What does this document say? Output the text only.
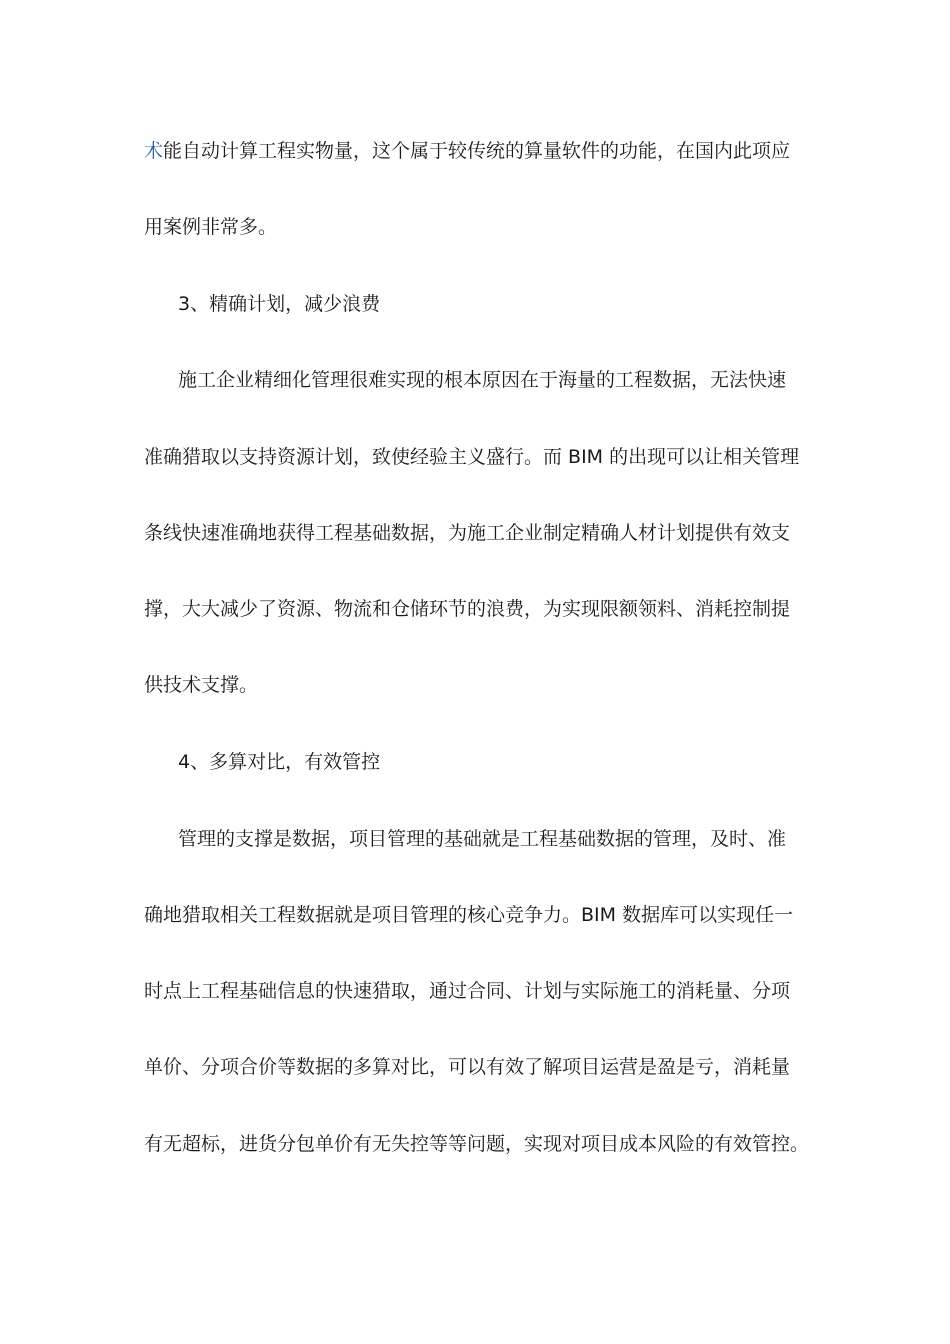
术能自动计算工程实物量，这个属于较传统的算量软件的功能，在国内此项应
用案例非常多。
3、精确计划，减少浪费
施工企业精细化管理很难实现的根本原因在于海量的工程数据，无法快速
准确猎取以支持资源计划，致使经验主义盛行。而 BIM 的出现可以让相关管理
条线快速准确地获得工程基础数据，为施工企业制定精确人材计划提供有效支
撑，大大减少了资源、物流和仓储环节的浪费，为实现限额领料、消耗控制提
供技术支撑。
4、多算对比，有效管控
管理的支撑是数据，项目管理的基础就是工程基础数据的管理，及时、准
确地猎取相关工程数据就是项目管理的核心竞争力。BIM 数据库可以实现任一
时点上工程基础信息的快速猎取，通过合同、计划与实际施工的消耗量、分项
单价、分项合价等数据的多算对比，可以有效了解项目运营是盈是亏，消耗量
有无超标，进货分包单价有无失控等等问题，实现对项目成本风险的有效管控。
